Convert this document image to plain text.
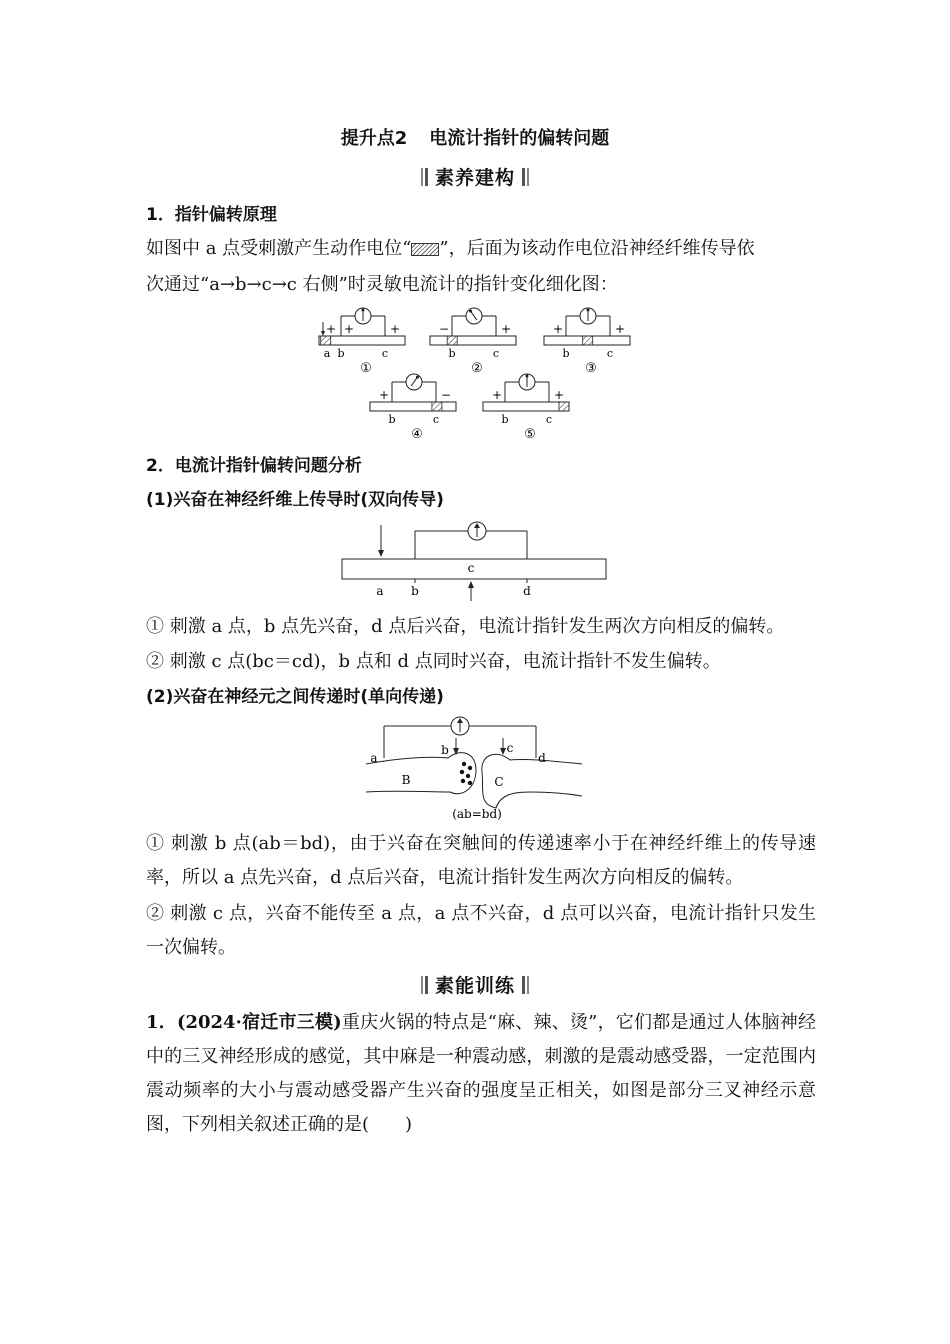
提升点2 电流计指针的偏转问题
素养建构
1．指针偏转原理
如图中 a 点受刺激产生动作电位“ ”，后面为该动作电位沿神经纤维传导依
次通过“a→b→c→c 右侧”时灵敏电流计的指针变化细化图：
+ +	+
a b	c
①
−	+
b	c
②
+	+
b	c
③
+	−
b	c
④
+	+
b	c
⑤
2．电流计指针偏转问题分析
(1)兴奋在神经纤维上传导时(双向传导)
a b
c
d
① 刺激 a 点，b 点先兴奋，d 点后兴奋，电流计指针发生两次方向相反的偏转。
② 刺激 c 点(bc＝cd)，b 点和 d 点同时兴奋，电流计指针不发生偏转。
(2)兴奋在神经元之间传递时(单向传递)
a
b	c
d
B	C
(ab=bd)
① 刺激 b 点(ab＝bd)，由于兴奋在突触间的传递速率小于在神经纤维上的传导速率，所以 a 点先兴奋，d 点后兴奋，电流计指针发生两次方向相反的偏转。
② 刺激 c 点，兴奋不能传至 a 点，a 点不兴奋，d 点可以兴奋，电流计指针只发生一次偏转。
素能训练
1．(2024·宿迁市三模)重庆火锅的特点是“麻、辣、烫”，它们都是通过人体脑神经中的三叉神经形成的感觉，其中麻是一种震动感，刺激的是震动感受器，一定范围内震动频率的大小与震动感受器产生兴奋的强度呈正相关，如图是部分三叉神经示意图，下列相关叙述正确的是(　　)
